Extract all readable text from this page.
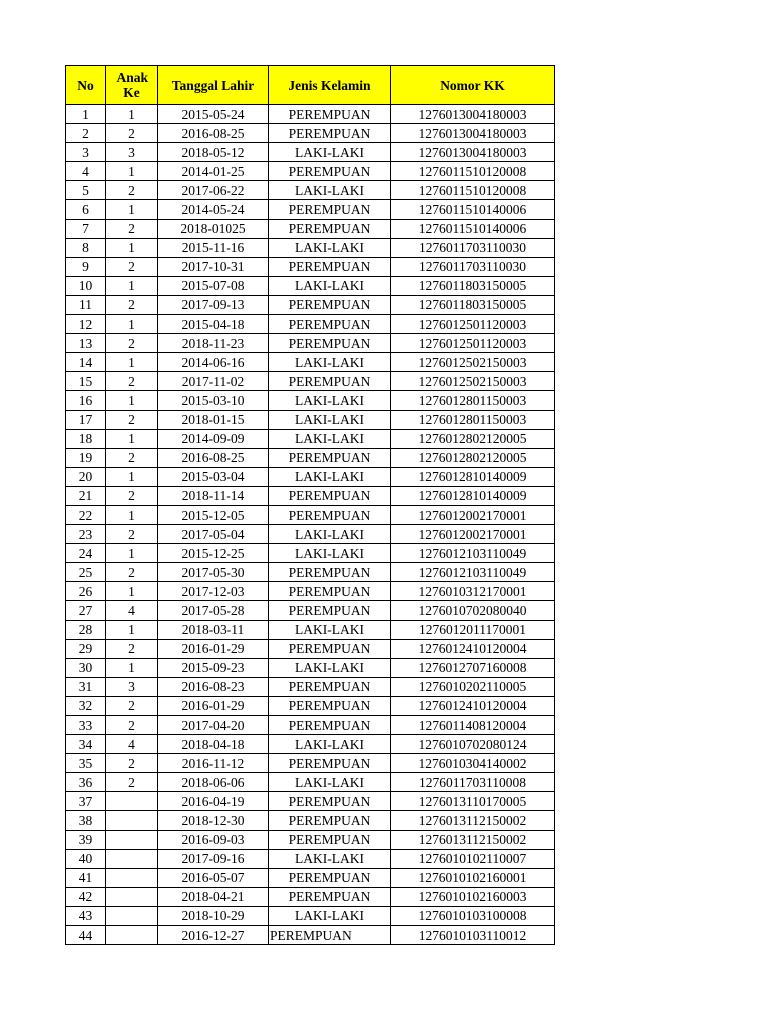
No	Anak Ke	Tanggal Lahir	Jenis Kelamin	Nomor KK
1	1	2015-05-24	PEREMPUAN	1276013004180003
2	2	2016-08-25	PEREMPUAN	1276013004180003
3	3	2018-05-12	LAKI-LAKI	1276013004180003
4	1	2014-01-25	PEREMPUAN	1276011510120008
5	2	2017-06-22	LAKI-LAKI	1276011510120008
6	1	2014-05-24	PEREMPUAN	1276011510140006
7	2	2018-01025	PEREMPUAN	1276011510140006
8	1	2015-11-16	LAKI-LAKI	1276011703110030
9	2	2017-10-31	PEREMPUAN	1276011703110030
10	1	2015-07-08	LAKI-LAKI	1276011803150005
11	2	2017-09-13	PEREMPUAN	1276011803150005
12	1	2015-04-18	PEREMPUAN	1276012501120003
13	2	2018-11-23	PEREMPUAN	1276012501120003
14	1	2014-06-16	LAKI-LAKI	1276012502150003
15	2	2017-11-02	PEREMPUAN	1276012502150003
16	1	2015-03-10	LAKI-LAKI	1276012801150003
17	2	2018-01-15	LAKI-LAKI	1276012801150003
18	1	2014-09-09	LAKI-LAKI	1276012802120005
19	2	2016-08-25	PEREMPUAN	1276012802120005
20	1	2015-03-04	LAKI-LAKI	1276012810140009
21	2	2018-11-14	PEREMPUAN	1276012810140009
22	1	2015-12-05	PEREMPUAN	1276012002170001
23	2	2017-05-04	LAKI-LAKI	1276012002170001
24	1	2015-12-25	LAKI-LAKI	1276012103110049
25	2	2017-05-30	PEREMPUAN	1276012103110049
26	1	2017-12-03	PEREMPUAN	1276010312170001
27	4	2017-05-28	PEREMPUAN	1276010702080040
28	1	2018-03-11	LAKI-LAKI	1276012011170001
29	2	2016-01-29	PEREMPUAN	1276012410120004
30	1	2015-09-23	LAKI-LAKI	1276012707160008
31	3	2016-08-23	PEREMPUAN	1276010202110005
32	2	2016-01-29	PEREMPUAN	1276012410120004
33	2	2017-04-20	PEREMPUAN	1276011408120004
34	4	2018-04-18	LAKI-LAKI	1276010702080124
35	2	2016-11-12	PEREMPUAN	1276010304140002
36	2	2018-06-06	LAKI-LAKI	1276011703110008
37		2016-04-19	PEREMPUAN	1276013110170005
38		2018-12-30	PEREMPUAN	1276013112150002
39		2016-09-03	PEREMPUAN	1276013112150002
40		2017-09-16	LAKI-LAKI	1276010102110007
41		2016-05-07	PEREMPUAN	1276010102160001
42		2018-04-21	PEREMPUAN	1276010102160003
43		2018-10-29	LAKI-LAKI	1276010103100008
44		2016-12-27	PEREMPUAN	1276010103110012
